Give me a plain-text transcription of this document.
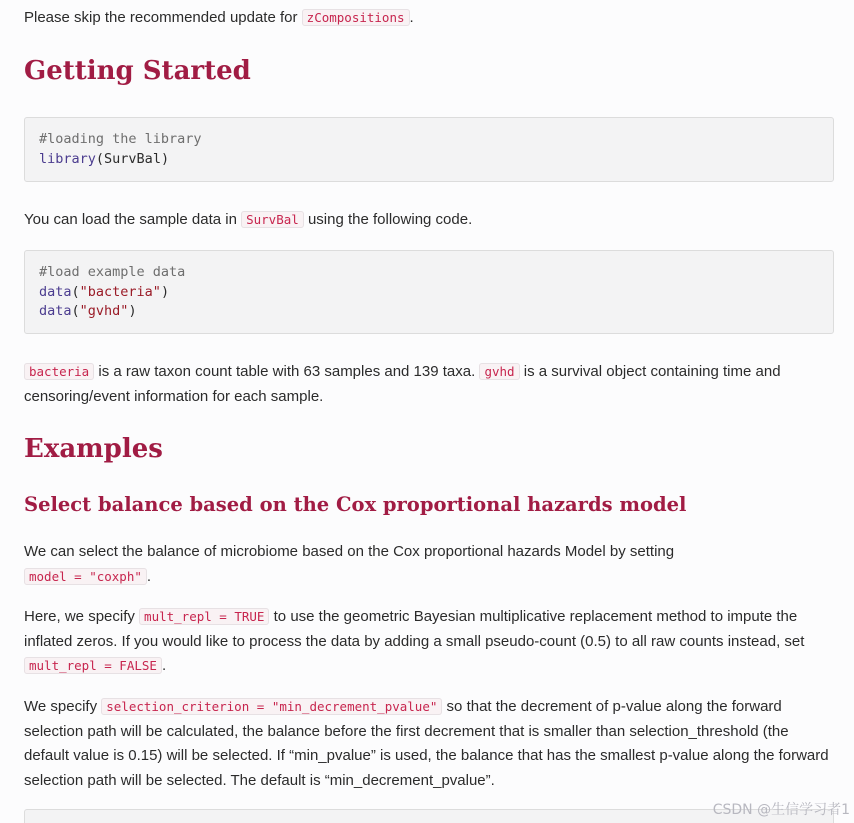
Please skip the recommended update for zCompositions .

Getting Started
#loading the library
library(SurvBal)

You can load the sample data in SurvBal using the following code.

#load example data
data("bacteria")
data("gvhd")

bacteria is a raw taxon count table with 63 samples and 139 taxa. gvhd is a survival object containing time and censoring/event information for each sample.

Examples
Select balance based on the Cox proportional hazards model

We can select the balance of microbiome based on the Cox proportional hazards Model by setting model = "coxph" .

Here, we specify mult_repl = TRUE to use the geometric Bayesian multiplicative replacement method to impute the inflated zeros. If you would like to process the data by adding a small pseudo-count (0.5) to all raw counts instead, set mult_repl = FALSE .

We specify selection_criterion = "min_decrement_pvalue" so that the decrement of p-value along the forward selection path will be calculated, the balance before the first decrement that is smaller than selection_threshold (the default value is 0.15) will be selected. If “min_pvalue” is used, the balance that has the smallest p-value along the forward selection path will be selected. The default is “min_decrement_pvalue”.

CSDN @生信学习者1
